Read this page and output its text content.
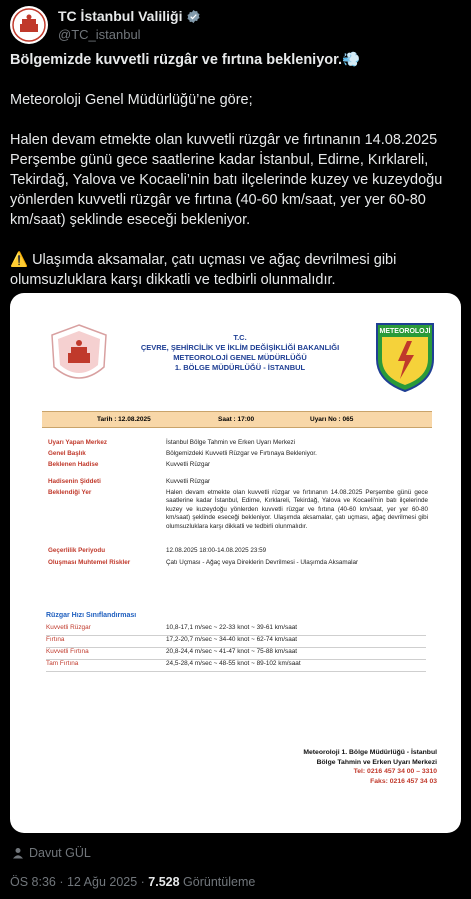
TC İstanbul Valiliği
@TC_istanbul

Bölgemizde kuvvetli rüzgâr ve fırtına bekleniyor.💨

Meteoroloji Genel Müdürlüğü’ne göre;

Halen devam etmekte olan kuvvetli rüzgâr ve fırtınanın 14.08.2025 Perşembe günü gece saatlerine kadar İstanbul, Edirne, Kırklareli, Tekirdağ, Yalova ve Kocaeli’nin batı ilçelerinde kuzey ve kuzeydoğu yönlerden kuvvetli rüzgâr ve fırtına (40-60 km/saat, yer yer 60-80 km/saat) şeklinde eseceği bekleniyor.

⚠️ Ulaşımda aksamalar, çatı uçması ve ağaç devrilmesi gibi olumsuzluklara karşı dikkatli ve tedbirli olunmalıdır.

T.C.
ÇEVRE, ŞEHİRCİLİK VE İKLİM DEĞİŞİKLİĞİ BAKANLIĞI
METEOROLOJİ GENEL MÜDÜRLÜĞÜ
1. BÖLGE MÜDÜRLÜĞÜ - İSTANBUL
METEOROLOJİ
Tarih : 12.08.2025	Saat : 17:00	Uyarı No : 065
Uyarı Yapan Merkez	İstanbul Bölge Tahmin ve Erken Uyarı Merkezi
Genel Başlık	Bölgemizdeki Kuvvetli Rüzgar ve Fırtınaya Bekleniyor.
Beklenen Hadise	Kuvvetli Rüzgar
Hadisenin Şiddeti	Kuvvetli Rüzgar
Beklendiği Yer	Halen devam etmekte olan kuvvetli rüzgar ve fırtınanın 14.08.2025 Perşembe günü gece saatlerine kadar İstanbul, Edirne, Kırklareli, Tekirdağ, Yalova ve Kocaeli'nin batı ilçelerinde kuzey ve kuzeydoğu yönlerden kuvvetli rüzgar ve fırtına (40-60 km/saat, yer yer 60-80 km/saat) şeklinde eseceği bekleniyor. Ulaşımda aksamalar, çatı uçması, ağaç devrilmesi gibi olumsuzluklara karşı dikkatli ve tedbirli olunmalıdır.
Geçerlilik Periyodu	12.08.2025 18:00-14.08.2025 23:59
Oluşması Muhtemel Riskler	Çatı Uçması - Ağaç veya Direklerin Devrilmesi - Ulaşımda Aksamalar
Rüzgar Hızı Sınıflandırması
Kuvvetli Rüzgar	10,8-17,1 m/sec ~ 22-33 knot ~ 39-61 km/saat
Fırtına	17,2-20,7 m/sec ~ 34-40 knot ~ 62-74 km/saat
Kuvvetli Fırtına	20,8-24,4 m/sec ~ 41-47 knot ~ 75-88 km/saat
Tam Fırtına	24,5-28,4 m/sec ~ 48-55 knot ~ 89-102 km/saat
Meteoroloji 1. Bölge Müdürlüğü - İstanbul
Bölge Tahmin ve Erken Uyarı Merkezi
Tel: 0216 457 34 00 – 3310
Faks: 0216 457 34 03
Davut GÜL
ÖS 8:36 · 12 Ağu 2025 · 7.528 Görüntüleme
